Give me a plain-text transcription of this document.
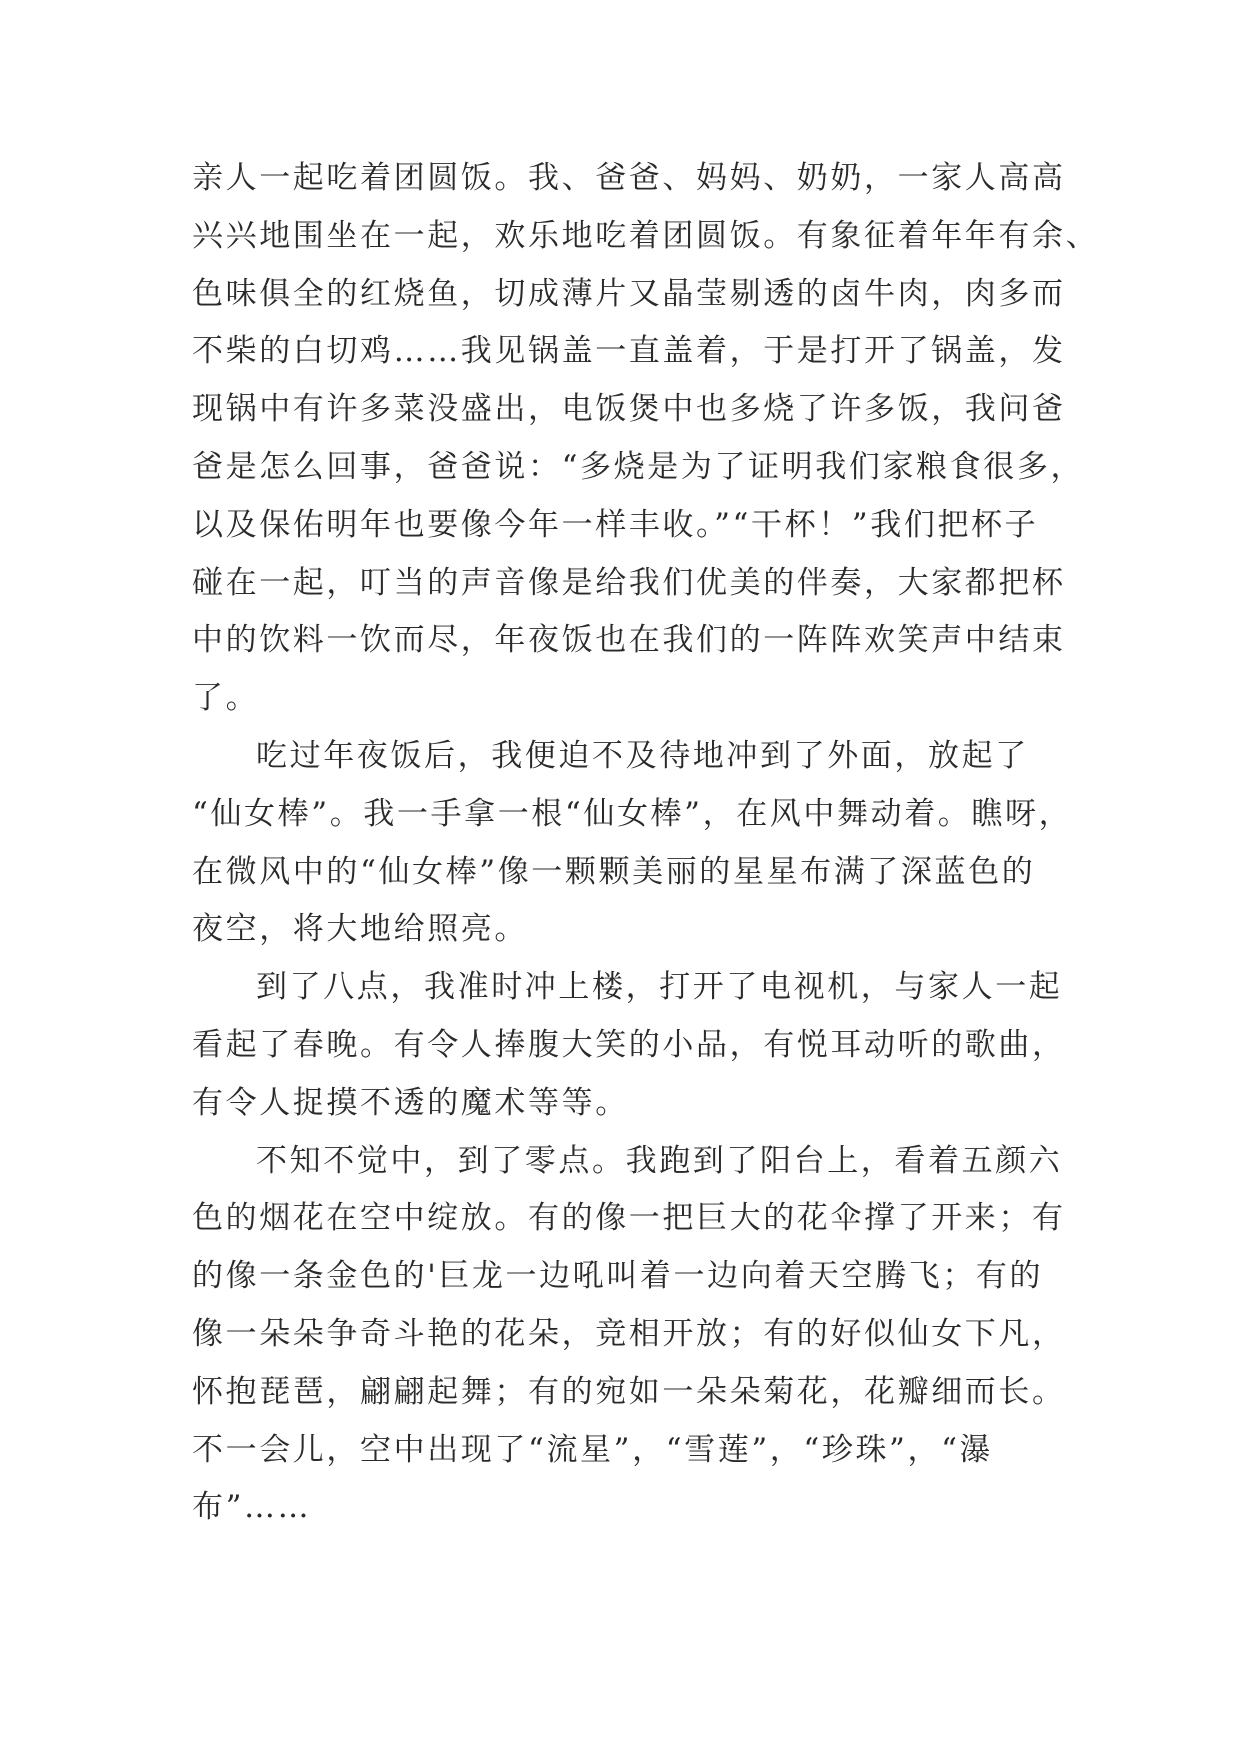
亲人一起吃着团圆饭。我、爸爸、妈妈、奶奶，一家人高高
兴兴地围坐在一起，欢乐地吃着团圆饭。有象征着年年有余、
色味俱全的红烧鱼，切成薄片又晶莹剔透的卤牛肉，肉多而
不柴的白切鸡……我见锅盖一直盖着，于是打开了锅盖，发
现锅中有许多菜没盛出，电饭煲中也多烧了许多饭，我问爸
爸是怎么回事，爸爸说：“多烧是为了证明我们家粮食很多，
以及保佑明年也要像今年一样丰收。”“干杯！”我们把杯子
碰在一起，叮当的声音像是给我们优美的伴奏，大家都把杯
中的饮料一饮而尽，年夜饭也在我们的一阵阵欢笑声中结束
了。
吃过年夜饭后，我便迫不及待地冲到了外面，放起了
“仙女棒”。我一手拿一根“仙女棒”，在风中舞动着。瞧呀，
在微风中的“仙女棒”像一颗颗美丽的星星布满了深蓝色的
夜空，将大地给照亮。
到了八点，我准时冲上楼，打开了电视机，与家人一起
看起了春晚。有令人捧腹大笑的小品，有悦耳动听的歌曲，
有令人捉摸不透的魔术等等。
不知不觉中，到了零点。我跑到了阳台上，看着五颜六
色的烟花在空中绽放。有的像一把巨大的花伞撑了开来；有
的像一条金色的'巨龙一边吼叫着一边向着天空腾飞；有的
像一朵朵争奇斗艳的花朵，竞相开放；有的好似仙女下凡，
怀抱琵琶，翩翩起舞；有的宛如一朵朵菊花，花瓣细而长。
不一会儿，空中出现了“流星”，“雪莲”，“珍珠”，“瀑
布”……
